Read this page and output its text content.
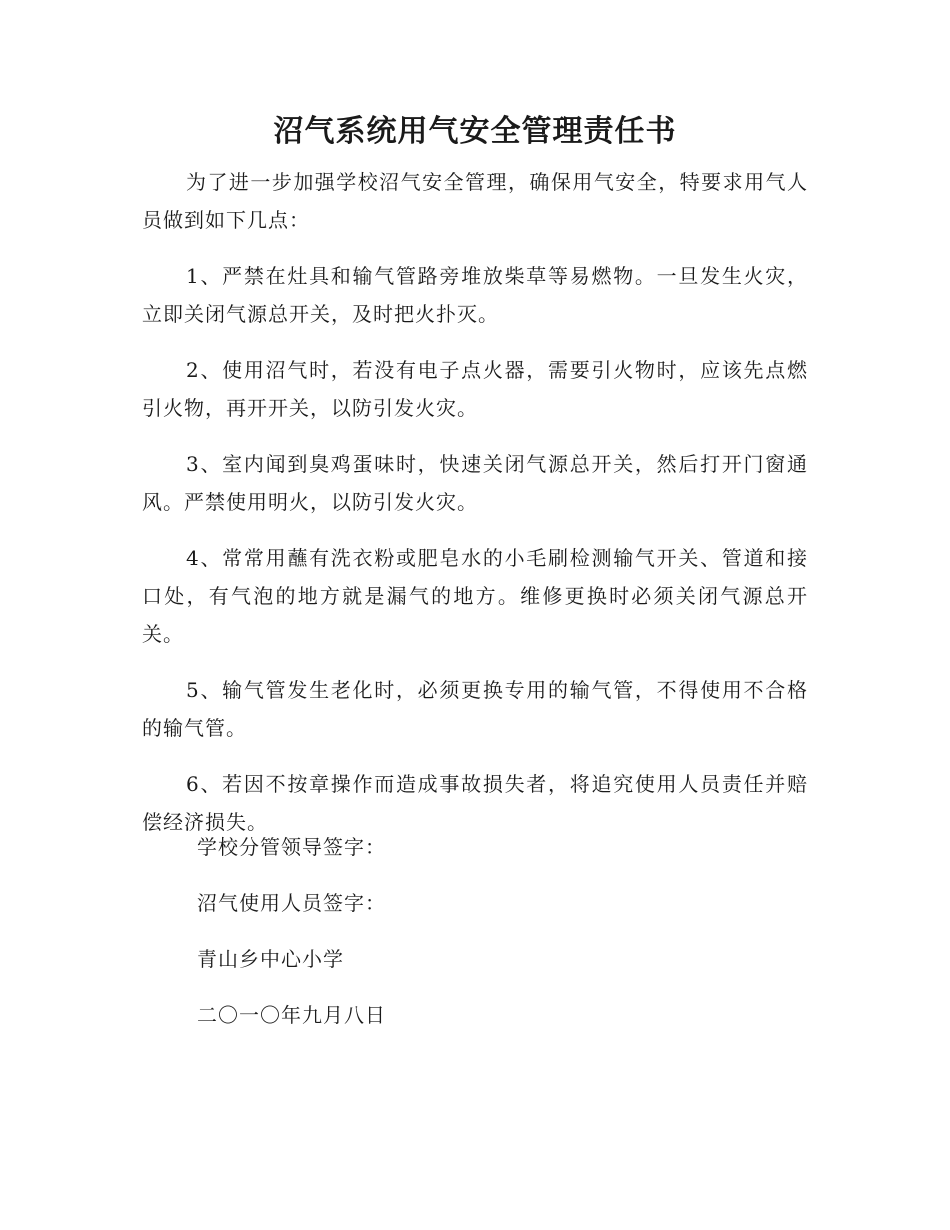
沼气系统用气安全管理责任书

为了进一步加强学校沼气安全管理，确保用气安全，特要求用气人员做到如下几点：

1、严禁在灶具和输气管路旁堆放柴草等易燃物。一旦发生火灾，立即关闭气源总开关，及时把火扑灭。

2、使用沼气时，若没有电子点火器，需要引火物时，应该先点燃引火物，再开开关，以防引发火灾。

3、室内闻到臭鸡蛋味时，快速关闭气源总开关，然后打开门窗通风。严禁使用明火，以防引发火灾。

4、常常用蘸有洗衣粉或肥皂水的小毛刷检测输气开关、管道和接口处，有气泡的地方就是漏气的地方。维修更换时必须关闭气源总开关。

5、输气管发生老化时，必须更换专用的输气管，不得使用不合格的输气管。

6、若因不按章操作而造成事故损失者，将追究使用人员责任并赔偿经济损失。

学校分管领导签字：
沼气使用人员签字：
青山乡中心小学
二〇一〇年九月八日
